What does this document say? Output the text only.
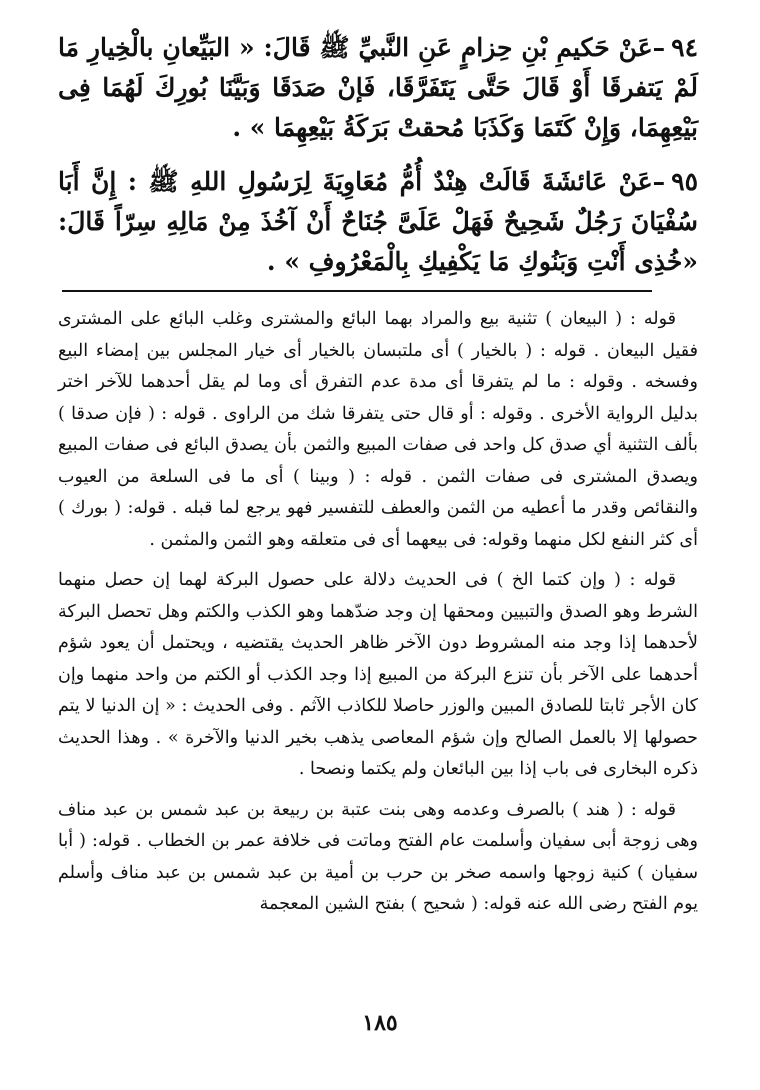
٩٤–عَنْ حَكيمِ بْنِ حِزامٍ عَنِ النَّبيِّ ﷺ قَالَ: « البَيِّعانِ بالْخِيارِ مَا لَمْ يَتفرقَا أَوْ قَالَ حَتَّى يَتَفَرَّقَا، فَإنْ صَدَقَا وَبَيَّنَا بُورِكَ لَهُمَا فِى بَيْعِهِمَا، وَإِنْ كَتَمَا وَكَذَبَا مُحقتْ بَرَكَةُ بَيْعِهِمَا » .

٩٥–عَنْ عَائشَةَ قَالَتْ هِنْدٌ أُمُّ مُعَاوِيَةَ لِرَسُولِ اللهِ ﷺ : إِنَّ أَبَا سُفْيَانَ رَجُلٌ شَحِيحٌ فَهَلْ عَلَىَّ جُنَاحٌ أَنْ آخُذَ مِنْ مَالِهِ سِرّاً قَالَ: «خُذِى أَنْتِ وَبَنُوكِ مَا يَكْفِيكِ بِالْمَعْرُوفِ » .

قوله : ( البيعان ) تثنية بيع والمراد بهما البائع والمشترى وغلب البائع على المشترى فقيل البيعان . قوله : ( بالخيار ) أى ملتبسان بالخيار أى خيار المجلس بين إمضاء البيع وفسخه . وقوله : ما لم يتفرقا أى مدة عدم التفرق أى وما لم يقل أحدهما للآخر اختر بدليل الرواية الأخرى . وقوله : أو قال حتى يتفرقا شك من الراوى . قوله : ( فإن صدقا ) بألف التثنية أي صدق كل واحد فى صفات المبيع والثمن بأن يصدق البائع فى صفات المبيع ويصدق المشترى فى صفات الثمن . قوله : ( وبينا ) أى ما فى السلعة من العيوب والنقائص وقدر ما أعطيه من الثمن والعطف للتفسير فهو يرجع لما قبله . قوله: ( بورك ) أى كثر النفع لكل منهما وقوله: فى بيعهما أى فى متعلقه وهو الثمن والمثمن .

قوله : ( وإن كتما الخ ) فى الحديث دلالة على حصول البركة لهما إن حصل منهما الشرط وهو الصدق والتبيين ومحقها إن وجد ضدّهما وهو الكذب والكتم وهل تحصل البركة لأحدهما إذا وجد منه المشروط دون الآخر ظاهر الحديث يقتضيه ، ويحتمل أن يعود شؤم أحدهما على الآخر بأن تنزع البركة من المبيع إذا وجد الكذب أو الكتم من واحد منهما وإن كان الأجر ثابتا للصادق المبين والوزر حاصلا للكاذب الآثم . وفى الحديث : « إن الدنيا لا يتم حصولها إلا بالعمل الصالح وإن شؤم المعاصى يذهب بخير الدنيا والآخرة » . وهذا الحديث ذكره البخارى فى باب إذا بين البائعان ولم يكتما ونصحا .

قوله : ( هند ) بالصرف وعدمه وهى بنت عتبة بن ربيعة بن عبد شمس بن عبد مناف وهى زوجة أبى سفيان وأسلمت عام الفتح وماتت فى خلافة عمر بن الخطاب . قوله: ( أبا سفيان ) كنية زوجها واسمه صخر بن حرب بن أمية بن عبد شمس بن عبد مناف وأسلم يوم الفتح رضى الله عنه قوله: ( شحيح ) بفتح الشين المعجمة

١٨٥
